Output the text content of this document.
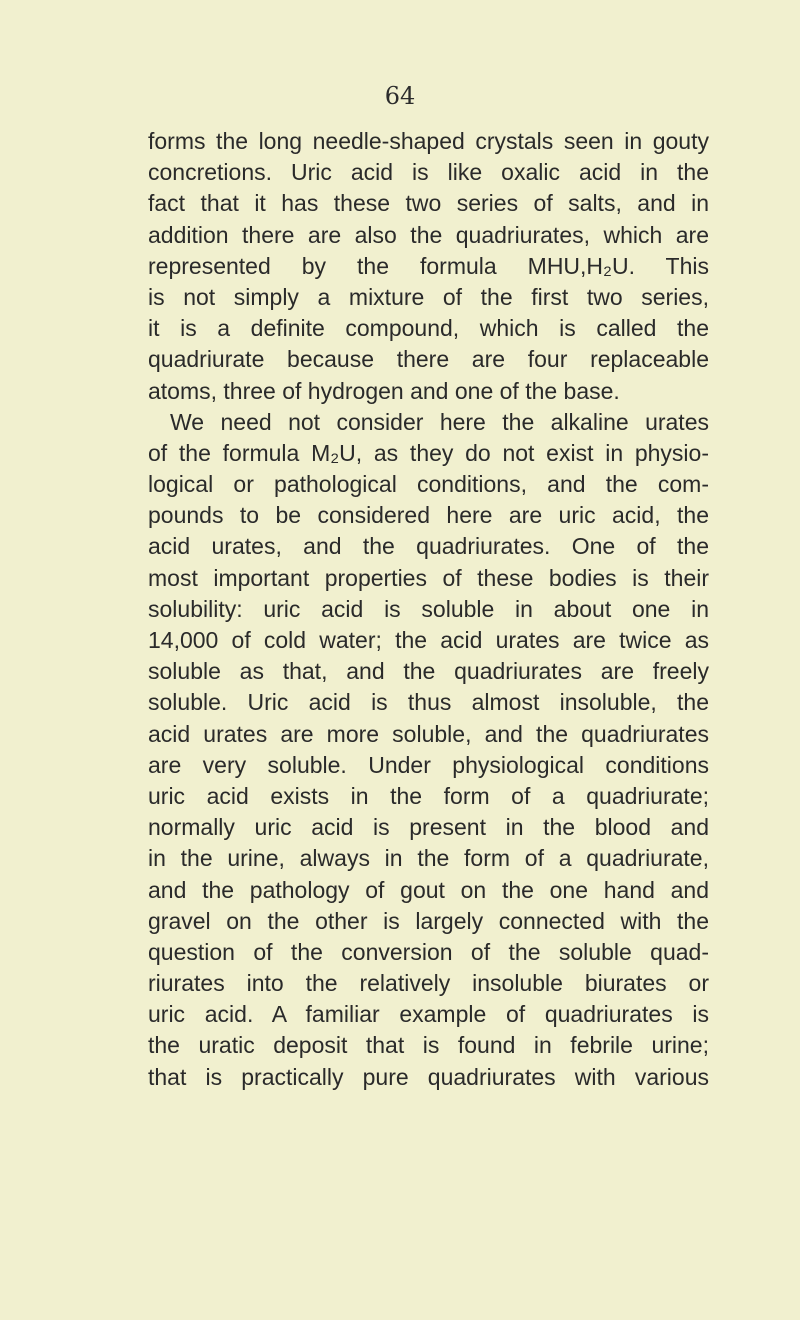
64
forms the long needle-shaped crystals seen in gouty
concretions. Uric acid is like oxalic acid in the
fact that it has these two series of salts, and in
addition there are also the quadriurates, which are
represented by the formula MHU,H₂U. This
is not simply a mixture of the first two series,
it is a definite compound, which is called the
quadriurate because there are four replaceable
atoms, three of hydrogen and one of the base.
We need not consider here the alkaline urates
of the formula M₂U, as they do not exist in physio-
logical or pathological conditions, and the com-
pounds to be considered here are uric acid, the
acid urates, and the quadriurates. One of the
most important properties of these bodies is their
solubility: uric acid is soluble in about one in
14,000 of cold water; the acid urates are twice as
soluble as that, and the quadriurates are freely
soluble. Uric acid is thus almost insoluble, the
acid urates are more soluble, and the quadriurates
are very soluble. Under physiological conditions
uric acid exists in the form of a quadriurate;
normally uric acid is present in the blood and
in the urine, always in the form of a quadriurate,
and the pathology of gout on the one hand and
gravel on the other is largely connected with the
question of the conversion of the soluble quad-
riurates into the relatively insoluble biurates or
uric acid. A familiar example of quadriurates is
the uratic deposit that is found in febrile urine;
that is practically pure quadriurates with various
